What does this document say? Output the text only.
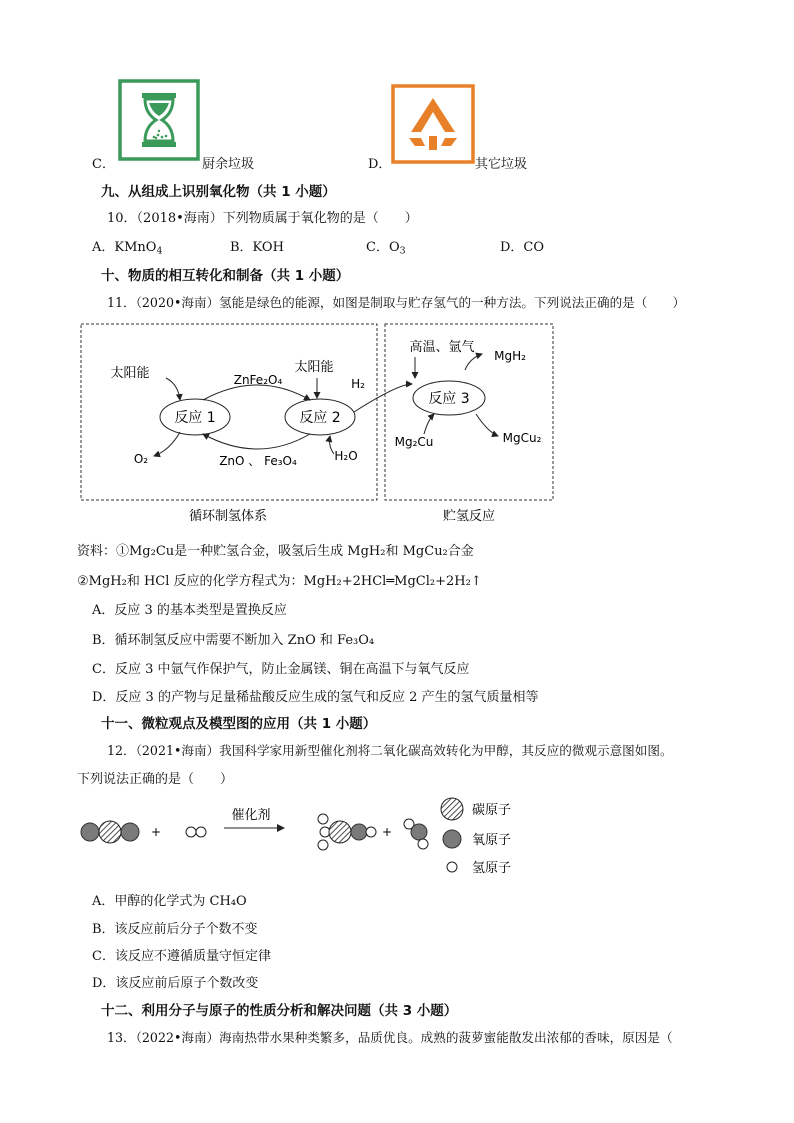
C．	厨余垃圾	D．	其它垃圾
九、从组成上识别氧化物（共 1 小题）
10．（2018•海南）下列物质属于氧化物的是（　　）
A．KMnO$_4$	B．KOH	C．$O_3$	D．CO
十、物质的相互转化和制备（共 1 小题）
11．（2020•海南）氢能是绿色的能源，如图是制取与贮存氢气的一种方法。下列说法正确的是（　　）
反应 1	反应 2
反应 3
ZnFe₂O₄
ZnO 、 Fe₃O₄
太阳能	太阳能
O₂	H₂O
H₂
高温、氩气
MgH₂
MgCu₂
Mg₂Cu
循环制氢体系	贮氢反应
资料：①Mg₂Cu是一种贮氢合金，吸氢后生成 MgH₂和 MgCu₂合金
②MgH₂和 HCl 反应的化学方程式为：MgH₂+2HCl═MgCl₂+2H₂↑
A．反应 3 的基本类型是置换反应
B．循环制氢反应中需要不断加入 ZnO 和 Fe₃O₄
C．反应 3 中氩气作保护气，防止金属镁、铜在高温下与氧气反应
D．反应 3 的产物与足量稀盐酸反应生成的氢气和反应 2 产生的氢气质量相等
十一、微粒观点及模型图的应用（共 1 小题）
12．（2021•海南）我国科学家用新型催化剂将二氧化碳高效转化为甲醇，其反应的微观示意图如图。
下列说法正确的是（　　）
+
催化剂
+
碳原子
氧原子
氢原子
A．甲醇的化学式为 CH₄O
B．该反应前后分子个数不变
C．该反应不遵循质量守恒定律
D．该反应前后原子个数改变
十二、利用分子与原子的性质分析和解决问题（共 3 小题）
13．（2022•海南）海南热带水果种类繁多，品质优良。成熟的菠萝蜜能散发出浓郁的香味，原因是（
